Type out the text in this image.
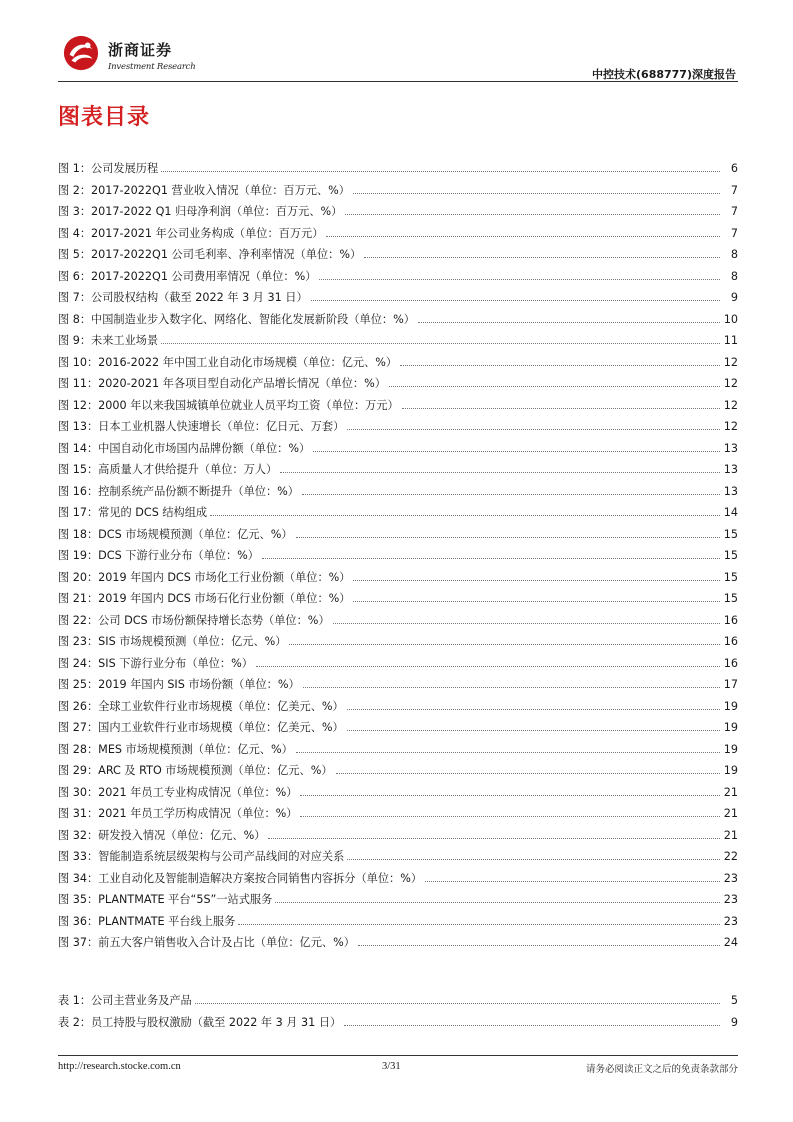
浙商证券
Investment Research
中控技术(688777)深度报告
图表目录
图 1：公司发展历程	6
图 2：2017-2022Q1 营业收入情况（单位：百万元、%）	7
图 3：2017-2022 Q1 归母净利润（单位：百万元、%）	7
图 4：2017-2021 年公司业务构成（单位：百万元）	7
图 5：2017-2022Q1 公司毛利率、净利率情况（单位：%）	8
图 6：2017-2022Q1 公司费用率情况（单位：%）	8
图 7：公司股权结构（截至 2022 年 3 月 31 日）	9
图 8：中国制造业步入数字化、网络化、智能化发展新阶段（单位：%）	10
图 9：未来工业场景	11
图 10：2016-2022 年中国工业自动化市场规模（单位：亿元、%）	12
图 11：2020-2021 年各项目型自动化产品增长情况（单位：%）	12
图 12：2000 年以来我国城镇单位就业人员平均工资（单位：万元）	12
图 13：日本工业机器人快速增长（单位：亿日元、万套）	12
图 14：中国自动化市场国内品牌份额（单位：%）	13
图 15：高质量人才供给提升（单位：万人）	13
图 16：控制系统产品份额不断提升（单位：%）	13
图 17：常见的 DCS 结构组成	14
图 18：DCS 市场规模预测（单位：亿元、%）	15
图 19：DCS 下游行业分布（单位：%）	15
图 20：2019 年国内 DCS 市场化工行业份额（单位：%）	15
图 21：2019 年国内 DCS 市场石化行业份额（单位：%）	15
图 22：公司 DCS 市场份额保持增长态势（单位：%）	16
图 23：SIS 市场规模预测（单位：亿元、%）	16
图 24：SIS 下游行业分布（单位：%）	16
图 25：2019 年国内 SIS 市场份额（单位：%）	17
图 26：全球工业软件行业市场规模（单位：亿美元、%）	19
图 27：国内工业软件行业市场规模（单位：亿美元、%）	19
图 28：MES 市场规模预测（单位：亿元、%）	19
图 29：ARC 及 RTO 市场规模预测（单位：亿元、%）	19
图 30：2021 年员工专业构成情况（单位：%）	21
图 31：2021 年员工学历构成情况（单位：%）	21
图 32：研发投入情况（单位：亿元、%）	21
图 33：智能制造系统层级架构与公司产品线间的对应关系	22
图 34：工业自动化及智能制造解决方案按合同销售内容拆分（单位：%）	23
图 35：PLANTMATE 平台“5S”一站式服务	23
图 36：PLANTMATE 平台线上服务	23
图 37：前五大客户销售收入合计及占比（单位：亿元、%）	24
表 1：公司主营业务及产品	5
表 2：员工持股与股权激励（截至 2022 年 3 月 31 日）	9
http://research.stocke.com.cn	3/31	请务必阅读正文之后的免责条款部分
